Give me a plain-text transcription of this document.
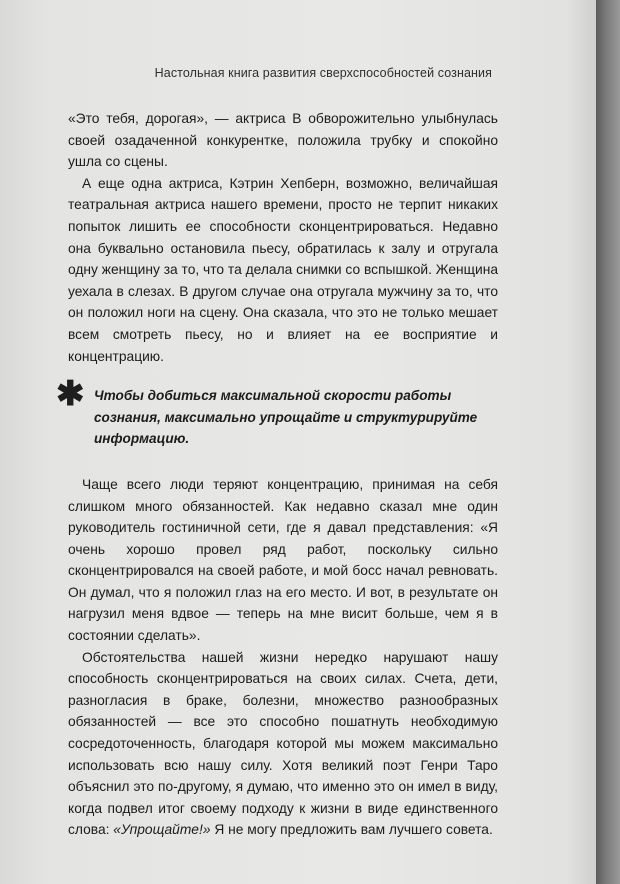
Настольная книга развития сверхспособностей сознания

«Это тебя, дорогая», — актриса В обворожительно улыбнулась своей озадаченной конкурентке, положила трубку и спокойно ушла со сцены.

А еще одна актриса, Кэтрин Хепберн, возможно, величайшая театральная актриса нашего времени, просто не терпит никаких попыток лишить ее способности сконцентрироваться. Недавно она буквально остановила пьесу, обратилась к залу и отругала одну женщину за то, что та делала снимки со вспышкой. Женщина уехала в слезах. В другом случае она отругала мужчину за то, что он положил ноги на сцену. Она сказала, что это не только мешает всем смотреть пьесу, но и влияет на ее восприятие и концентрацию.

✱ Чтобы добиться максимальной скорости работы сознания, максимально упрощайте и структурируйте информацию.

Чаще всего люди теряют концентрацию, принимая на себя слишком много обязанностей. Как недавно сказал мне один руководитель гостиничной сети, где я давал представления: «Я очень хорошо провел ряд работ, поскольку сильно сконцентрировался на своей работе, и мой босс начал ревновать. Он думал, что я положил глаз на его место. И вот, в результате он нагрузил меня вдвое — теперь на мне висит больше, чем я в состоянии сделать».

Обстоятельства нашей жизни нередко нарушают нашу способность сконцентрироваться на своих силах. Счета, дети, разногласия в браке, болезни, множество разнообразных обязанностей — все это способно пошатнуть необходимую сосредоточенность, благодаря которой мы можем максимально использовать всю нашу силу. Хотя великий поэт Генри Таро объяснил это по-другому, я думаю, что именно это он имел в виду, когда подвел итог своему подходу к жизни в виде единственного слова: «Упрощайте!» Я не могу предложить вам лучшего совета.
